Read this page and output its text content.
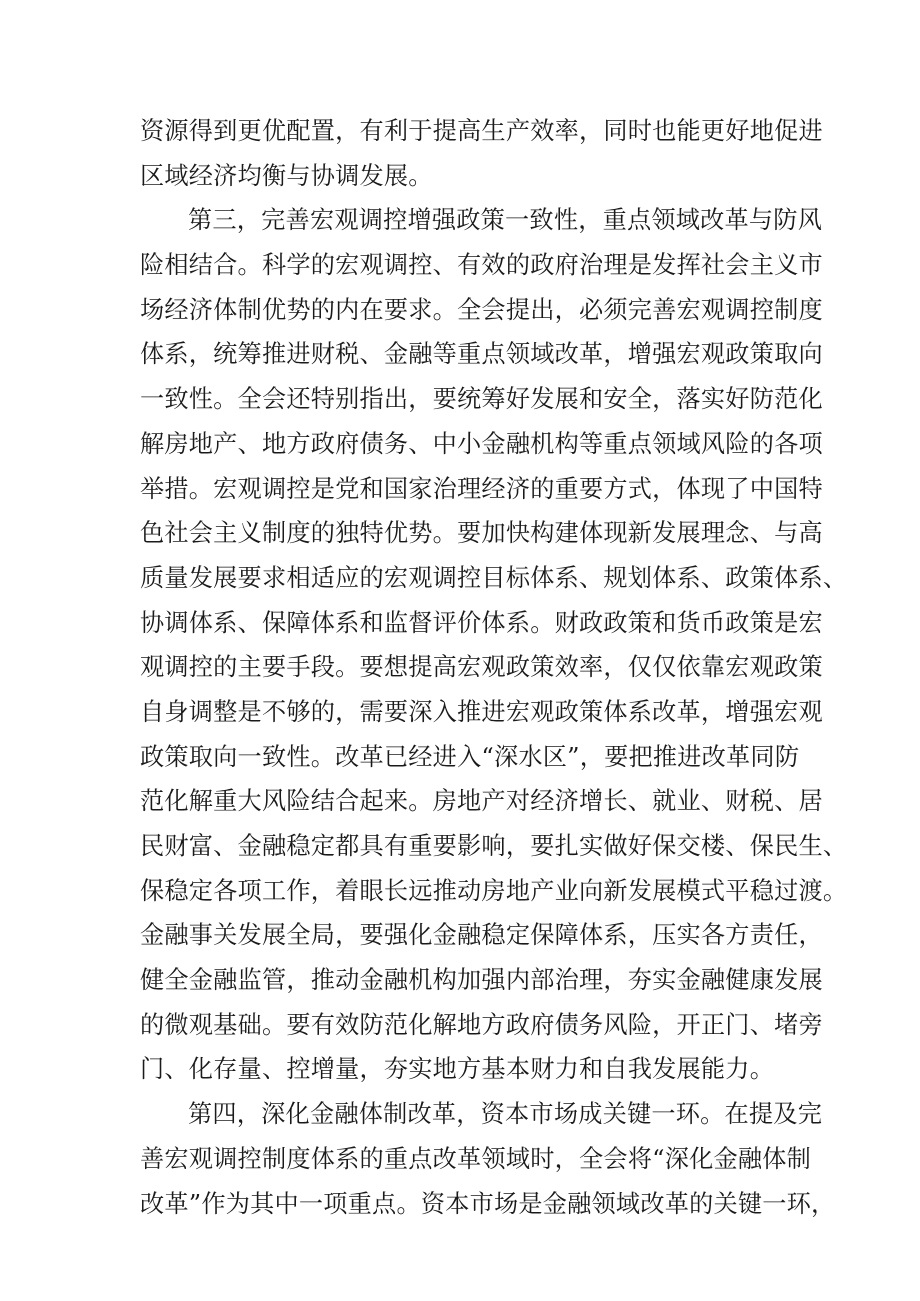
资源得到更优配置，有利于提高生产效率，同时也能更好地促进
区域经济均衡与协调发展。
第三，完善宏观调控增强政策一致性，重点领域改革与防风
险相结合。科学的宏观调控、有效的政府治理是发挥社会主义市
场经济体制优势的内在要求。全会提出，必须完善宏观调控制度
体系，统筹推进财税、金融等重点领域改革，增强宏观政策取向
一致性。全会还特别指出，要统筹好发展和安全，落实好防范化
解房地产、地方政府债务、中小金融机构等重点领域风险的各项
举措。宏观调控是党和国家治理经济的重要方式，体现了中国特
色社会主义制度的独特优势。要加快构建体现新发展理念、与高
质量发展要求相适应的宏观调控目标体系、规划体系、政策体系、
协调体系、保障体系和监督评价体系。财政政策和货币政策是宏
观调控的主要手段。要想提高宏观政策效率，仅仅依靠宏观政策
自身调整是不够的，需要深入推进宏观政策体系改革，增强宏观
政策取向一致性。改革已经进入“深水区”，要把推进改革同防
范化解重大风险结合起来。房地产对经济增长、就业、财税、居
民财富、金融稳定都具有重要影响，要扎实做好保交楼、保民生、
保稳定各项工作，着眼长远推动房地产业向新发展模式平稳过渡。
金融事关发展全局，要强化金融稳定保障体系，压实各方责任，
健全金融监管，推动金融机构加强内部治理，夯实金融健康发展
的微观基础。要有效防范化解地方政府债务风险，开正门、堵旁
门、化存量、控增量，夯实地方基本财力和自我发展能力。
第四，深化金融体制改革，资本市场成关键一环。在提及完
善宏观调控制度体系的重点改革领域时，全会将“深化金融体制
改革”作为其中一项重点。资本市场是金融领域改革的关键一环，
